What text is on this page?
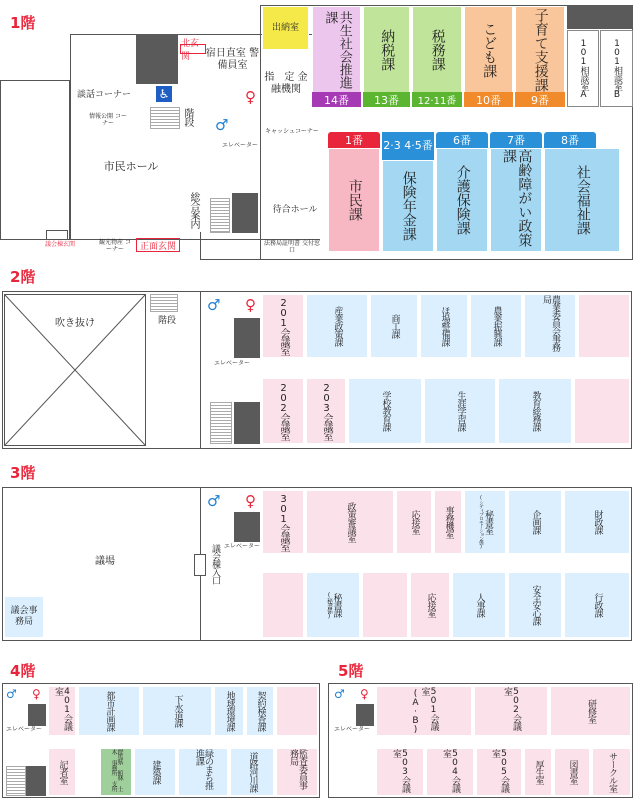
1階	出納室	共生社会推進課
14番
納税課
13番
税務課
12·11番
こども課
10番
子育て支援課
9番
101相談室A	101相談室B
市民課
1番
保険年金課
2·3 4·5番
介護保険課
6番
高齢障がい政策課
7番
社会福祉課
8番
宿日直室 警備員室
指　定 金融機関
キャッシュコーナー
談話コーナー
情報公開 コーナー	階段
市民ホール
エレベーター
総合案内	待合ホール
北玄関
議会棟玄関	観光物産 コーナー	正面玄関	法務局証明書 交付窓口
♿	♀
♂
2階
吹き抜け	階段
♂ ♀
エレベーター
201会議室	産業政策課	商工課	ほ場整備課	農業振興課	農業委員会事務局
202会議室	203会議室	学校教育課	生涯学習課	教育総務課
3階
議場
議会事務局
議会棟入口
♂ ♀
エレベーター 301会議室	政策審議室	応接室	事務機室	秘書室
(シティプロモーション係)	企画課	財政課
秘書課
(秘書係)	応接室	人事課	安全安心課	行政課
4階
♂ ♀
エレベーター	401会議室	都市計画課	下水道課	地球環境課 契約検査課
記者室	群馬県 館林 土木 事務所 支所	建築課	緑のまち推進課	道路河川課	監査委員事務局
5階
♂ ♀
エレベーター	501会議室
(A·B)	502会議室
研修室
503会議室	504会議室	505会議室
厚生室	図書室	サークル室
